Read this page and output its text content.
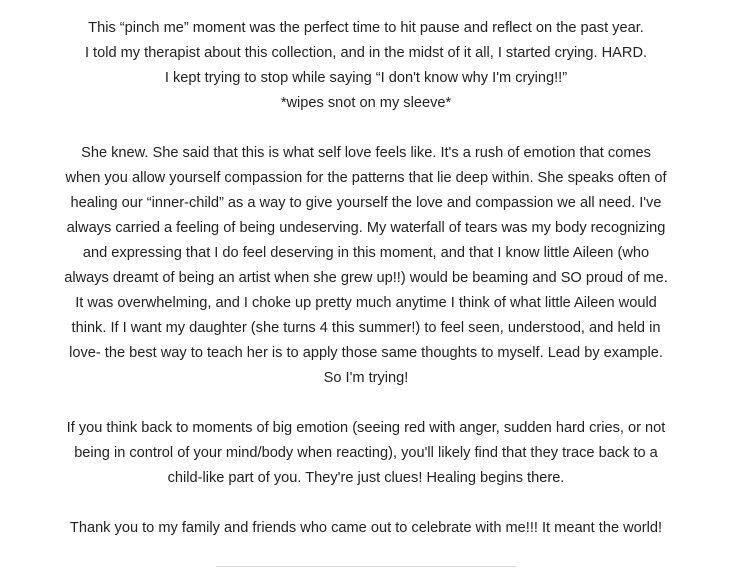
This “pinch me” moment was the perfect time to hit pause and reflect on the past year.
I told my therapist about this collection, and in the midst of it all, I started crying. HARD.
I kept trying to stop while saying “I don't know why I'm crying!!”
*wipes snot on my sleeve*

She knew. She said that this is what self love feels like. It's a rush of emotion that comes
when you allow yourself compassion for the patterns that lie deep within. She speaks often of
healing our “inner-child” as a way to give yourself the love and compassion we all need. I've
always carried a feeling of being undeserving. My waterfall of tears was my body recognizing
and expressing that I do feel deserving in this moment, and that I know little Aileen (who
always dreamt of being an artist when she grew up!!) would be beaming and SO proud of me.
It was overwhelming, and I choke up pretty much anytime I think of what little Aileen would
think. If I want my daughter (she turns 4 this summer!) to feel seen, understood, and held in
love- the best way to teach her is to apply those same thoughts to myself. Lead by example.
So I'm trying!

If you think back to moments of big emotion (seeing red with anger, sudden hard cries, or not
being in control of your mind/body when reacting), you'll likely find that they trace back to a
child-like part of you. They're just clues! Healing begins there.

Thank you to my family and friends who came out to celebrate with me!!! It meant the world!
